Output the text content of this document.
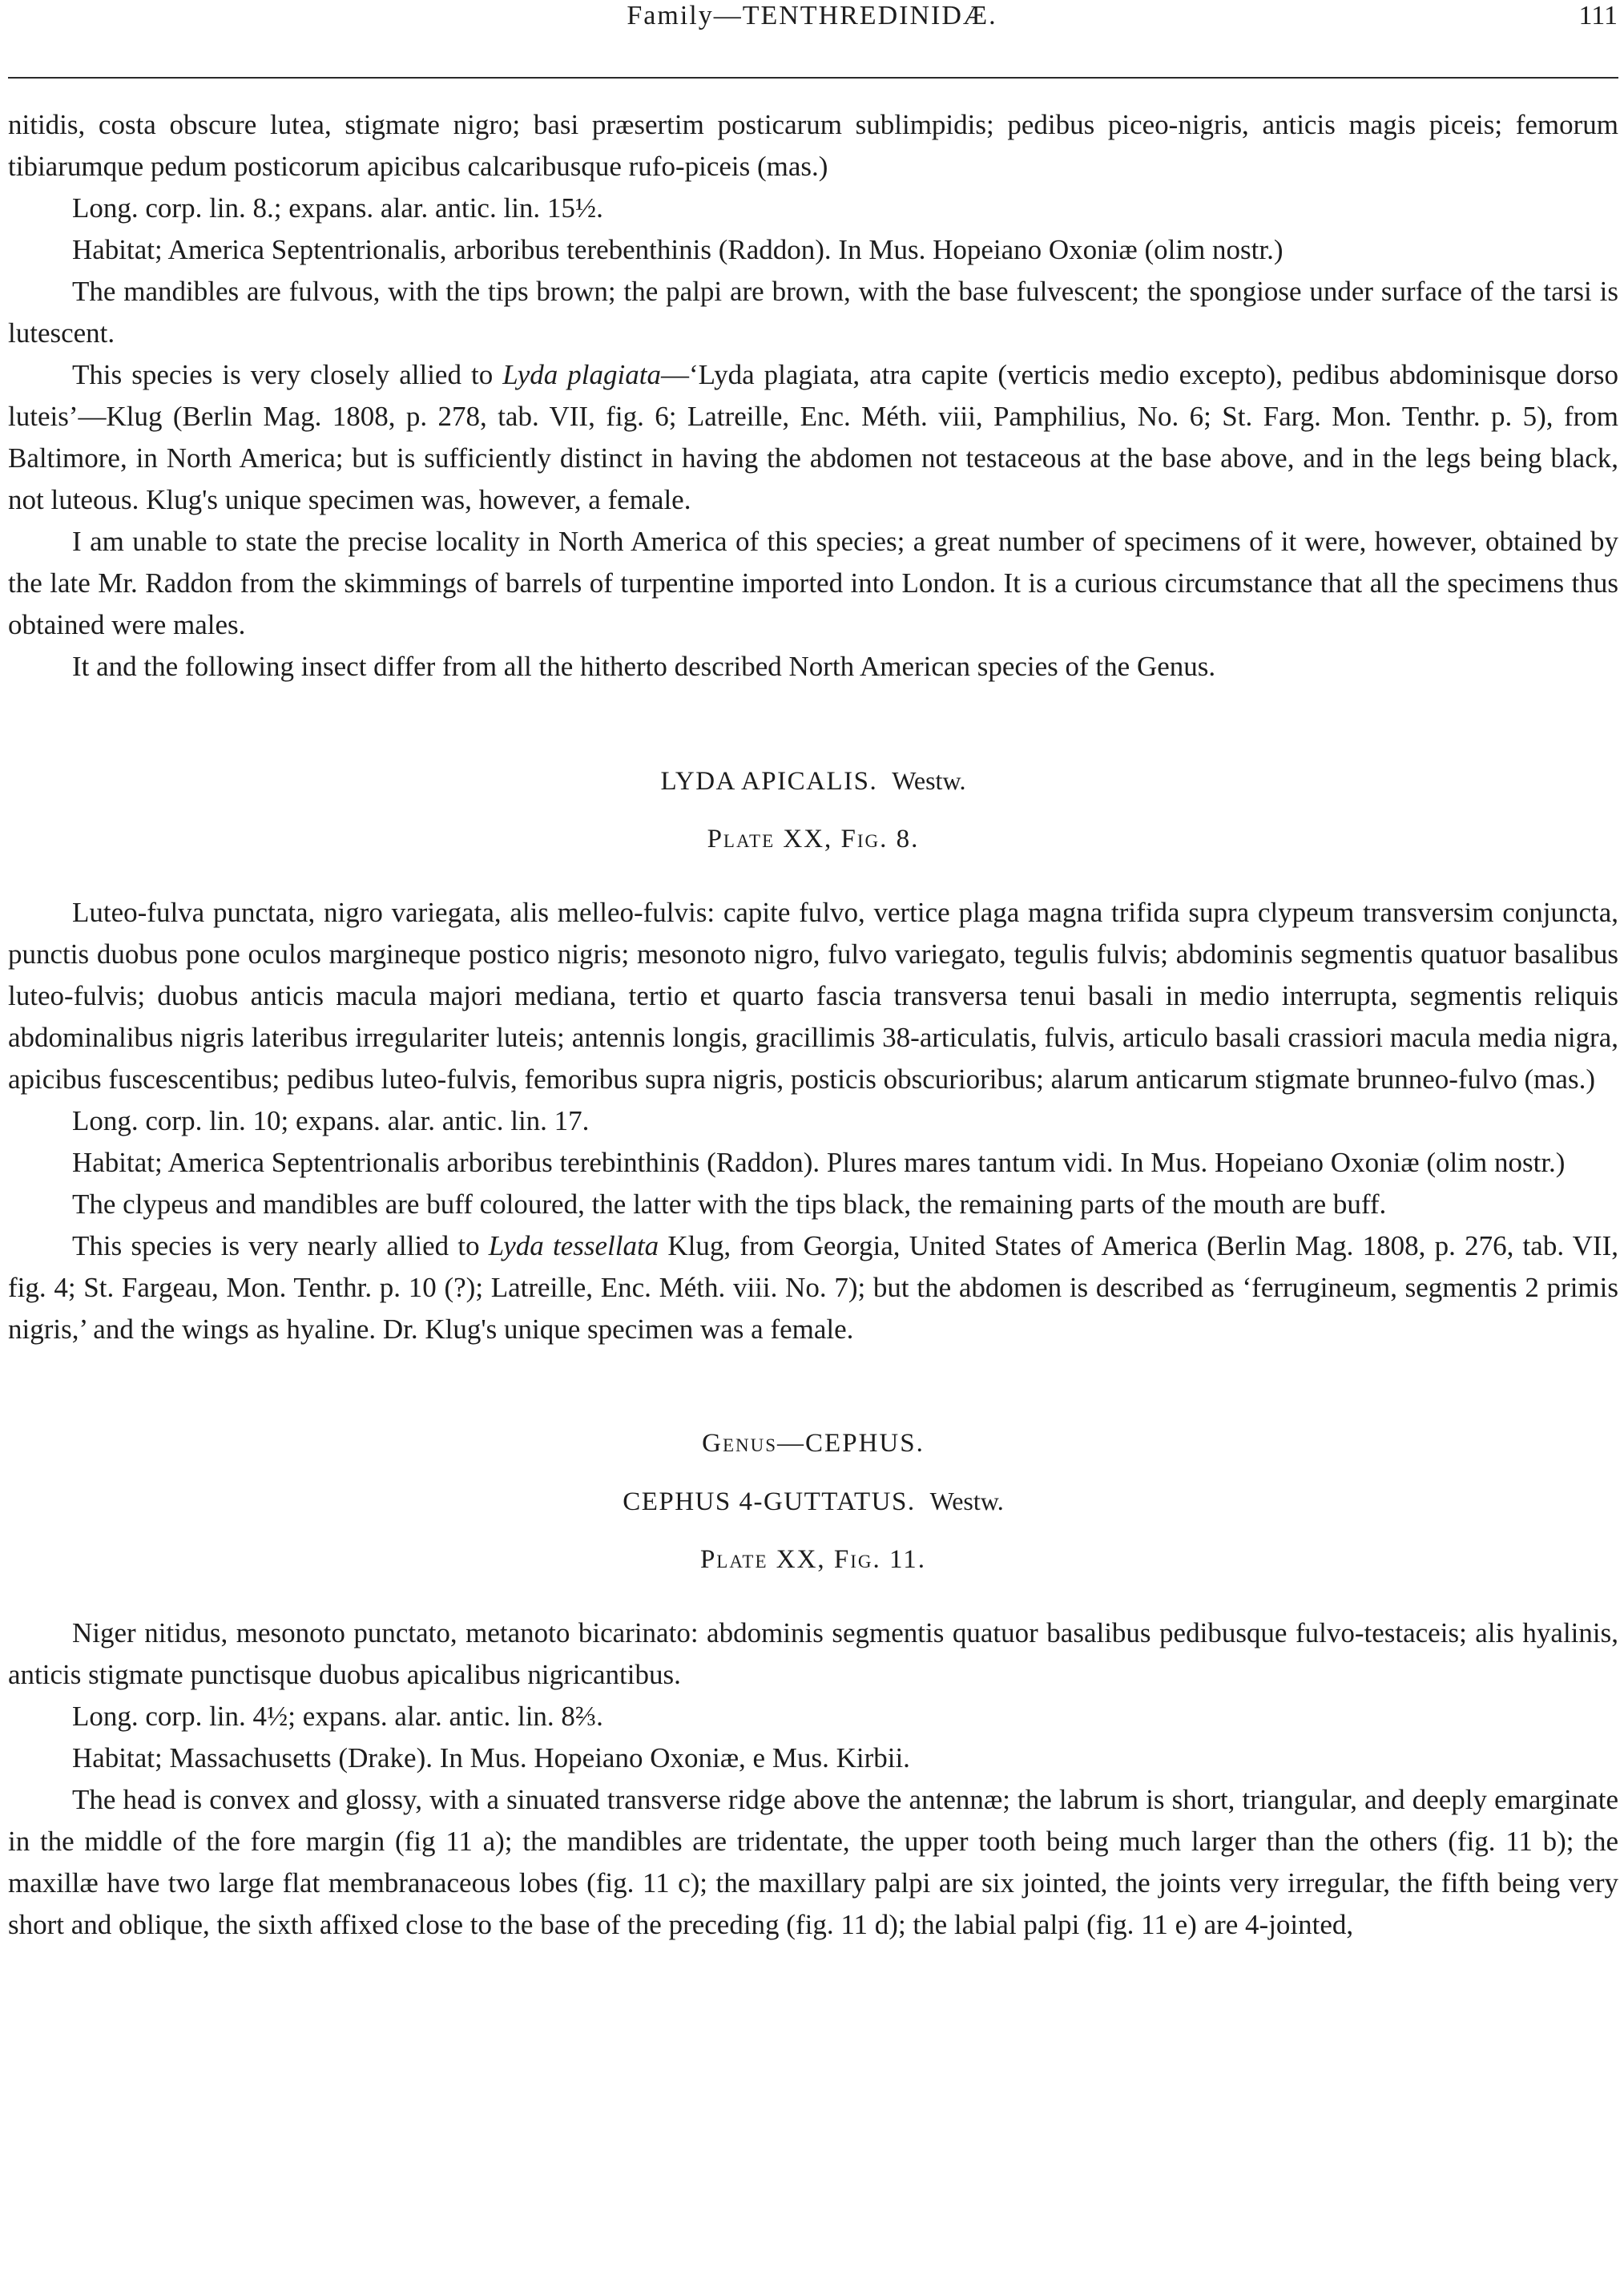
Family—TENTHREDINIDÆ.	111

nitidis, costa obscure lutea, stigmate nigro; basi præsertim posticarum sublimpidis; pedibus piceo-nigris, anticis magis piceis; femorum tibiarumque pedum posticorum apicibus calcaribusque rufo-piceis (mas.)

Long. corp. lin. 8.; expans. alar. antic. lin. 15½.

Habitat; America Septentrionalis, arboribus terebenthinis (Raddon). In Mus. Hopeiano Oxoniæ (olim nostr.)

The mandibles are fulvous, with the tips brown; the palpi are brown, with the base fulvescent; the spongiose under surface of the tarsi is lutescent.

This species is very closely allied to Lyda plagiata—‘Lyda plagiata, atra capite (verticis medio excepto), pedibus abdominisque dorso luteis’—Klug (Berlin Mag. 1808, p. 278, tab. VII, fig. 6; Latreille, Enc. Méth. viii, Pamphilius, No. 6; St. Farg. Mon. Tenthr. p. 5), from Baltimore, in North America; but is sufficiently distinct in having the abdomen not testaceous at the base above, and in the legs being black, not luteous. Klug's unique specimen was, however, a female.

I am unable to state the precise locality in North America of this species; a great number of specimens of it were, however, obtained by the late Mr. Raddon from the skimmings of barrels of turpentine imported into London. It is a curious circumstance that all the specimens thus obtained were males.

It and the following insect differ from all the hitherto described North American species of the Genus.

LYDA APICALIS. Westw.

Plate XX, Fig. 8.

Luteo-fulva punctata, nigro variegata, alis melleo-fulvis: capite fulvo, vertice plaga magna trifida supra clypeum transversim conjuncta, punctis duobus pone oculos margineque postico nigris; mesonoto nigro, fulvo variegato, tegulis fulvis; abdominis segmentis quatuor basalibus luteo-fulvis; duobus anticis macula majori mediana, tertio et quarto fascia transversa tenui basali in medio interrupta, segmentis reliquis abdominalibus nigris lateribus irregulariter luteis; antennis longis, gracillimis 38-articulatis, fulvis, articulo basali crassiori macula media nigra, apicibus fuscescentibus; pedibus luteo-fulvis, femoribus supra nigris, posticis obscurioribus; alarum anticarum stigmate brunneo-fulvo (mas.)

Long. corp. lin. 10; expans. alar. antic. lin. 17.

Habitat; America Septentrionalis arboribus terebinthinis (Raddon). Plures mares tantum vidi. In Mus. Hopeiano Oxoniæ (olim nostr.)

The clypeus and mandibles are buff coloured, the latter with the tips black, the remaining parts of the mouth are buff.

This species is very nearly allied to Lyda tessellata Klug, from Georgia, United States of America (Berlin Mag. 1808, p. 276, tab. VII, fig. 4; St. Fargeau, Mon. Tenthr. p. 10 (?); Latreille, Enc. Méth. viii. No. 7); but the abdomen is described as ‘ferrugineum, segmentis 2 primis nigris,’ and the wings as hyaline. Dr. Klug's unique specimen was a female.

Genus—CEPHUS.

CEPHUS 4-GUTTATUS. Westw.

Plate XX, Fig. 11.

Niger nitidus, mesonoto punctato, metanoto bicarinato: abdominis segmentis quatuor basalibus pedibusque fulvo-testaceis; alis hyalinis, anticis stigmate punctisque duobus apicalibus nigricantibus.

Long. corp. lin. 4½; expans. alar. antic. lin. 8⅔.

Habitat; Massachusetts (Drake). In Mus. Hopeiano Oxoniæ, e Mus. Kirbii.

The head is convex and glossy, with a sinuated transverse ridge above the antennæ; the labrum is short, triangular, and deeply emarginate in the middle of the fore margin (fig 11 a); the mandibles are tridentate, the upper tooth being much larger than the others (fig. 11 b); the maxillæ have two large flat membranaceous lobes (fig. 11 c); the maxillary palpi are six jointed, the joints very irregular, the fifth being very short and oblique, the sixth affixed close to the base of the preceding (fig. 11 d); the labial palpi (fig. 11 e) are 4-jointed,
